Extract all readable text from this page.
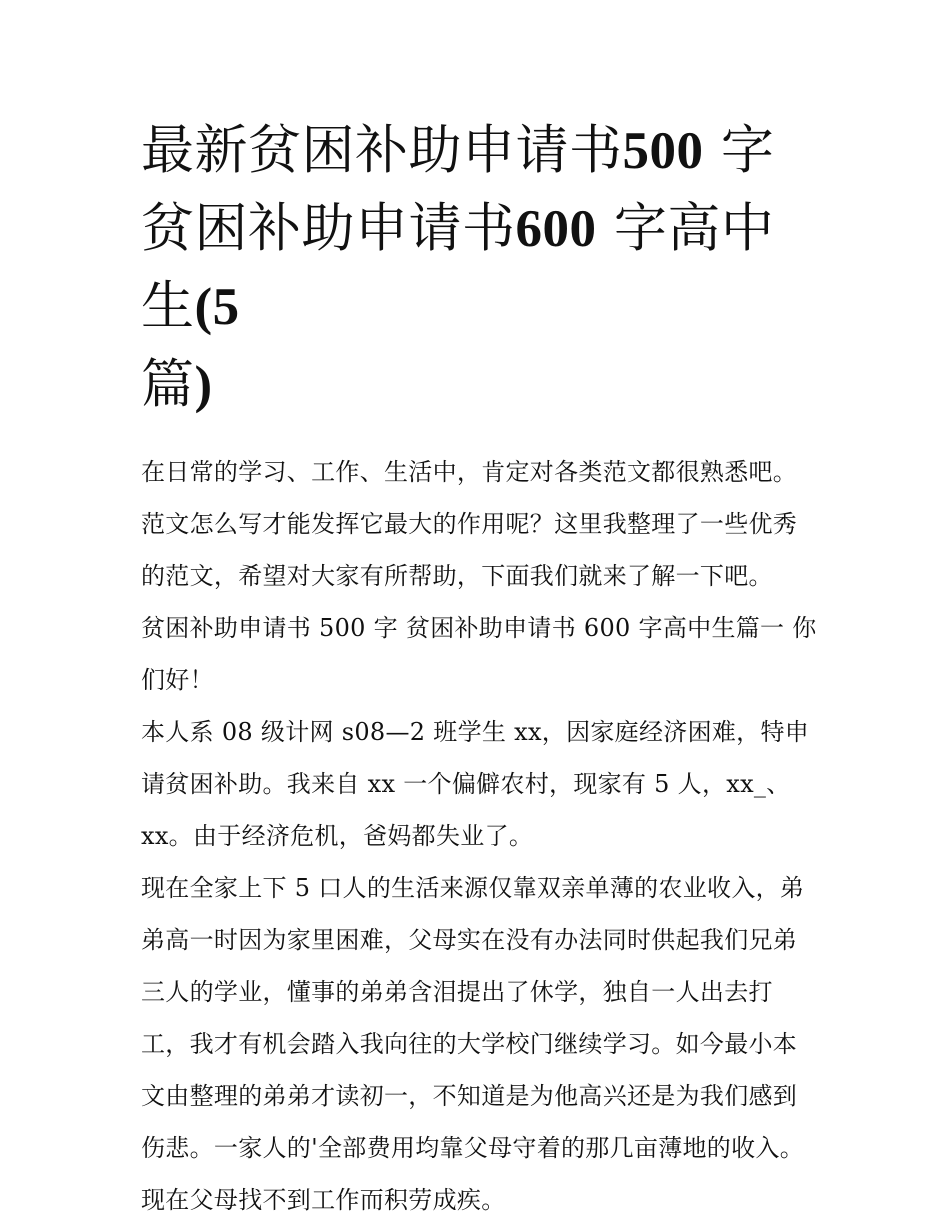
最新贫困补助申请书500 字 贫困补助申请书600 字高中生(5
篇)

在日常的学习、工作、生活中，肯定对各类范文都很熟悉吧。范文怎么写才能发挥它最大的作用呢？这里我整理了一些优秀的范文，希望对大家有所帮助，下面我们就来了解一下吧。

贫困补助申请书 500 字 贫困补助申请书 600 字高中生篇一 你们好！

本人系 08 级计网 s08—2 班学生 xx，因家庭经济困难，特申请贫困补助。我来自 xx 一个偏僻农村，现家有 5 人，xx_、xx。由于经济危机，爸妈都失业了。

现在全家上下 5 口人的生活来源仅靠双亲单薄的农业收入，弟弟高一时因为家里困难，父母实在没有办法同时供起我们兄弟三人的学业，懂事的弟弟含泪提出了休学，独自一人出去打工，我才有机会踏入我向往的大学校门继续学习。如今最小本文由整理的弟弟才读初一，不知道是为他高兴还是为我们感到伤悲。一家人的'全部费用均靠父母守着的那几亩薄地的收入。现在父母找不到工作而积劳成疾。
